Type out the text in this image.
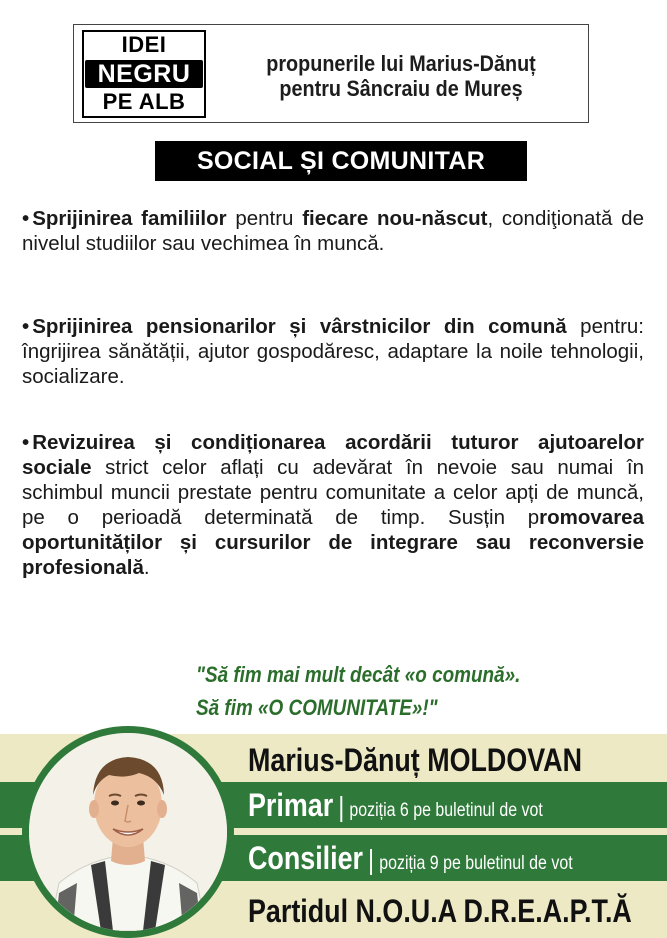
IDEI
NEGRU
PE ALB
propunerile lui Marius-Dănuț
pentru Sâncraiu de Mureș
SOCIAL ȘI COMUNITAR
• Sprijinirea familiilor pentru fiecare nou-născut, condiţionată de nivelul studiilor sau vechimea în muncă.
• Sprijinirea pensionarilor și vârstnicilor din comună pentru: îngrijirea sănătății, ajutor gospodăresc, adaptare la noile tehnologii, socializare.
• Revizuirea și condiționarea acordării tuturor ajutoarelor sociale strict celor aflați cu adevărat în nevoie sau numai în schimbul muncii prestate pentru comunitate a celor apți de muncă, pe o perioadă determinată de timp. Susțin promovarea oportunităților și cursurilor de integrare sau reconversie profesională.
"Să fim mai mult decât «o comună».
Să fim «O COMUNITATE»!"
Marius-Dănuț MOLDOVAN
Primar | poziția 6 pe buletinul de vot
Consilier | poziția 9 pe buletinul de vot
Partidul N.O.U.A D.R.E.A.P.T.Ă
